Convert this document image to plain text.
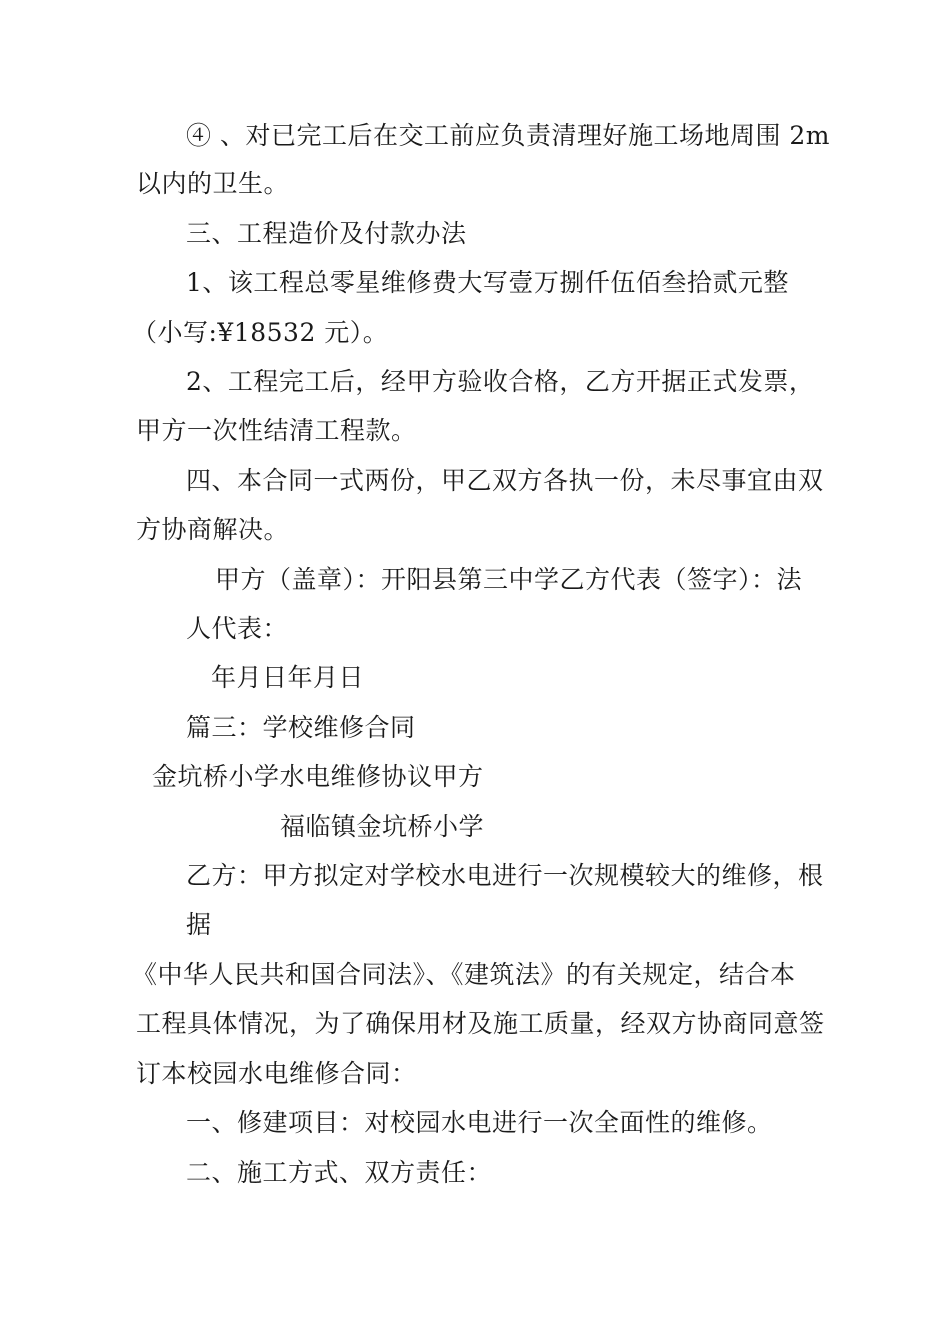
④ 、对已完工后在交工前应负责清理好施工场地周围 2m
以内的卫生。
三、工程造价及付款办法
1、该工程总零星维修费大写壹万捌仟伍佰叁拾贰元整
（小写:¥18532 元）。
2、工程完工后，经甲方验收合格，乙方开据正式发票，
甲方一次性结清工程款。
四、本合同一式两份，甲乙双方各执一份，未尽事宜由双
方协商解决。
甲方（盖章）：开阳县第三中学乙方代表（签字）：法
人代表：
年月日年月日
篇三：学校维修合同
金坑桥小学水电维修协议甲方
福临镇金坑桥小学
乙方：甲方拟定对学校水电进行一次规模较大的维修，根
据
《中华人民共和国合同法》、《建筑法》的有关规定，结合本
工程具体情况，为了确保用材及施工质量，经双方协商同意签
订本校园水电维修合同：
一、修建项目：对校园水电进行一次全面性的维修。
二、施工方式、双方责任：
